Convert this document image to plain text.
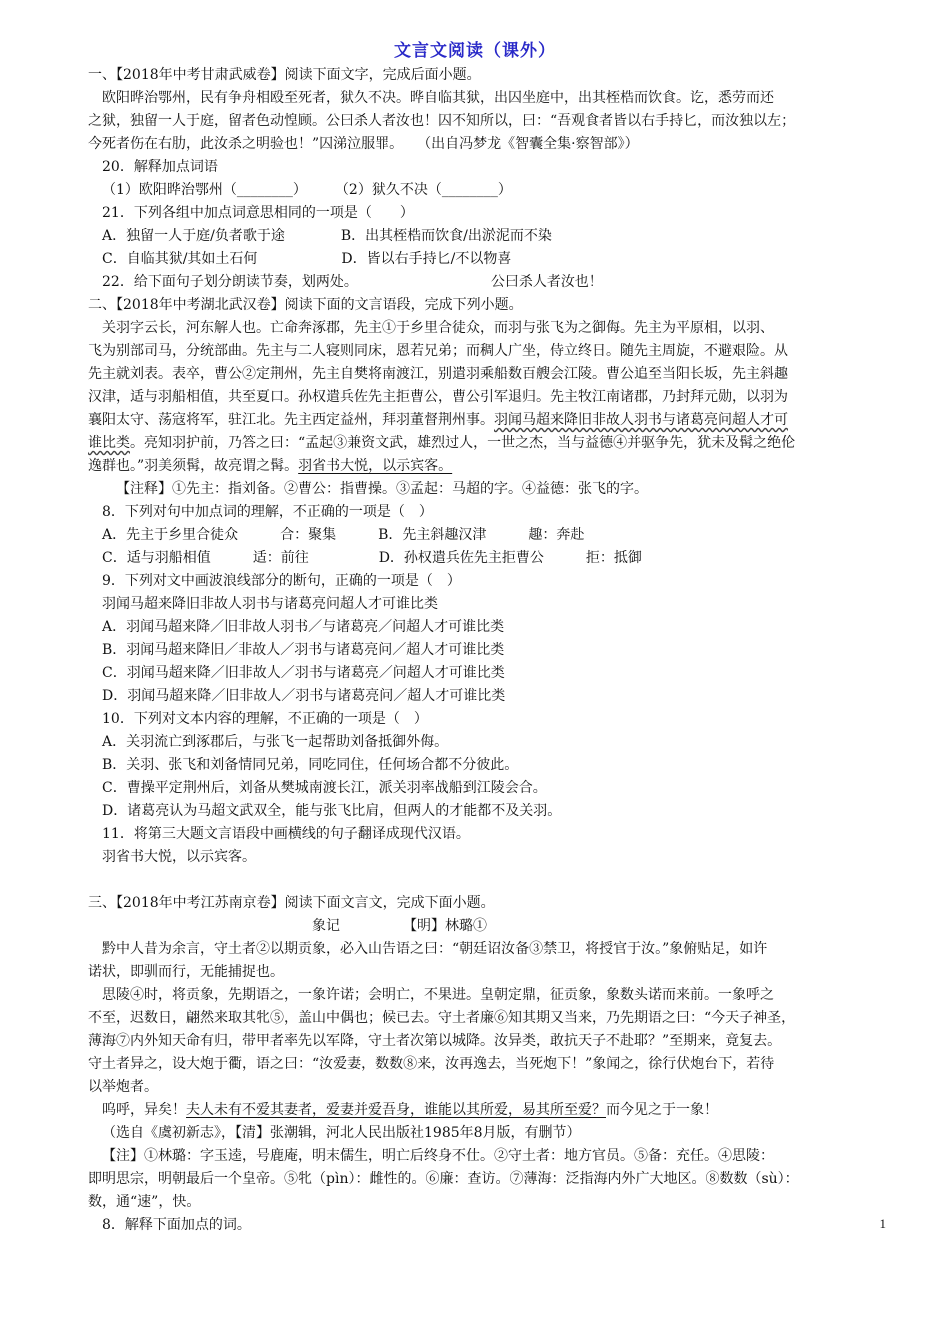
文言文阅读（课外）
一、【2018年中考甘肃武威卷】阅读下面文字，完成后面小题。
欧阳晔治鄂州，民有争舟相殴至死者，狱久不决。晔自临其狱，出囚坐庭中，出其桎梏而饮食。讫，悉劳而还
之狱，独留一人于庭，留者色动惶顾。公曰杀人者汝也！囚不知所以，曰：“吾观食者皆以右手持匕，而汝独以左；
今死者伤在右肋，此汝杀之明验也！”囚涕泣服罪。　　（出自冯梦龙《智囊全集·察智部》）
20．解释加点词语
（1）欧阳晔治鄂州（________）　　　（2）狱久不决（________）
21．下列各组中加点词意思相同的一项是（　　）
A．独留一人于庭/负者歌于途　　　　B．出其桎梏而饮食/出淤泥而不染
C．自临其狱/其如土石何　　　　　　D．皆以右手持匕/不以物喜
22．给下面句子划分朗读节奏，划两处。　　　　　　　　　　公曰杀人者汝也！
二、【2018年中考湖北武汉卷】阅读下面的文言语段，完成下列小题。
关羽字云长，河东解人也。亡命奔涿郡，先主①于乡里合徒众，而羽与张飞为之御侮。先主为平原相，以羽、
飞为别部司马，分统部曲。先主与二人寝则同床，恩若兄弟；而稠人广坐，侍立终日。随先主周旋，不避艰险。从
先主就刘表。表卒，曹公②定荆州，先主自樊将南渡江，别遣羽乘船数百艘会江陵。曹公追至当阳长坂，先主斜趣
汉津，适与羽船相值，共至夏口。孙权遣兵佐先主拒曹公，曹公引军退归。先主牧江南诸郡，乃封拜元勋，以羽为
襄阳太守、荡寇将军，驻江北。先主西定益州，拜羽董督荆州事。羽闻马超来降旧非故人羽书与诸葛亮问超人才可
谁比类。亮知羽护前，乃答之曰：“孟起③兼资文武，雄烈过人，一世之杰，当与益德④并驱争先，犹未及髯之绝伦
逸群也。”羽美须髯，故亮谓之髯。羽省书大悦，以示宾客。
【注释】①先主：指刘备。②曹公：指曹操。③孟起：马超的字。④益德：张飞的字。
8．下列对句中加点词的理解，不正确的一项是（　）
A．先主于乡里合徒众　　　合：聚集　　　B．先主斜趣汉津　　　趣：奔赴
C．适与羽船相值　　　适：前往　　　　　D．孙权遣兵佐先主拒曹公　　　拒：抵御
9．下列对文中画波浪线部分的断句，正确的一项是（　）
羽闻马超来降旧非故人羽书与诸葛亮问超人才可谁比类
A．羽闻马超来降／旧非故人羽书／与诸葛亮／问超人才可谁比类
B．羽闻马超来降旧／非故人／羽书与诸葛亮问／超人才可谁比类
C．羽闻马超来降／旧非故人／羽书与诸葛亮／问超人才可谁比类
D．羽闻马超来降／旧非故人／羽书与诸葛亮问／超人才可谁比类
10．下列对文本内容的理解，不正确的一项是（　）
A．关羽流亡到涿郡后，与张飞一起帮助刘备抵御外侮。
B．关羽、张飞和刘备情同兄弟，同吃同住，任何场合都不分彼此。
C．曹操平定荆州后，刘备从樊城南渡长江，派关羽率战船到江陵会合。
D．诸葛亮认为马超文武双全，能与张飞比肩，但两人的才能都不及关羽。
11．将第三大题文言语段中画横线的句子翻译成现代汉语。
羽省书大悦，以示宾客。
三、【2018年中考江苏南京卷】阅读下面文言文，完成下面小题。
　　　　　　　　　　　　　　　　象记　　　　　【明】林璐①
黔中人昔为余言，守土者②以期贡象，必入山告语之曰：“朝廷诏汝备③禁卫，将授官于汝。”象俯贴足，如许
诺状，即驯而行，无能捕捉也。
思陵④时，将贡象，先期语之，一象许诺；会明亡，不果进。皇朝定鼎，征贡象，象数头诺而来前。一象呼之
不至，迟数日，翩然来取其牝⑤，盖山中偶也；候已去。守土者廉⑥知其期又当来，乃先期语之曰：“今天子神圣，
薄海⑦内外知天命有归，带甲者率先以军降，守土者次第以城降。汝异类，敢抗天子不赴耶？”至期来，竟复去。
守土者异之，设大炮于衢，语之曰：“汝爱妻，数数⑧来，汝再逸去，当死炮下！”象闻之，徐行伏炮台下，若待
以举炮者。
呜呼，异矣！夫人未有不爱其妻者，爱妻并爱吾身，谁能以其所爱，易其所至爱？而今见之于一象！
（选自《虞初新志》，【清】张潮辑，河北人民出版社1985年8月版，有删节）
【注】①林璐：字玉逵，号鹿庵，明末儒生，明亡后终身不仕。②守土者：地方官员。⑤备：充任。④思陵：
即明思宗，明朝最后一个皇帝。⑤牝（pìn）：雌性的。⑥廉：查访。⑦薄海：泛指海内外广大地区。⑧数数（sù）：
数，通“速”，快。
8．解释下面加点的词。	1
